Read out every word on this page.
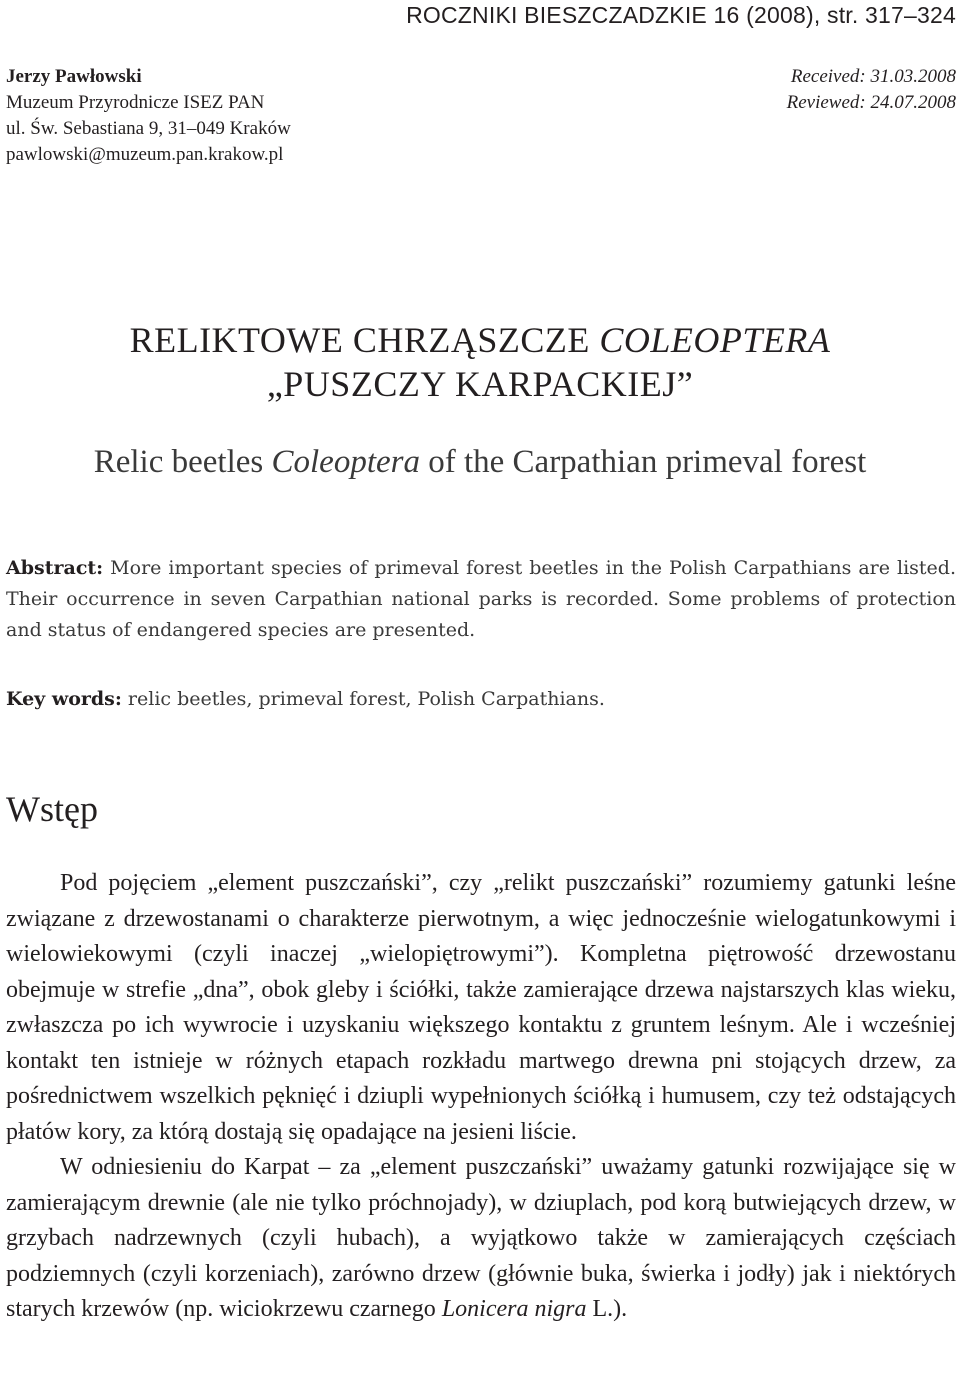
ROCZNIKI BIESZCZADZKIE 16 (2008), str. 317–324
Jerzy Pawłowski
Muzeum Przyrodnicze ISEZ PAN
ul. Św. Sebastiana 9, 31–049 Kraków
pawlowski@muzeum.pan.krakow.pl
Received: 31.03.2008
Reviewed: 24.07.2008
RELIKTOWE CHRZĄSZCZE COLEOPTERA
„PUSZCZY KARPACKIEJ”
Relic beetles Coleoptera of the Carpathian primeval forest
Abstract: More important species of primeval forest beetles in the Polish Carpathians are listed. Their occurrence in seven Carpathian national parks is recorded. Some problems of protection and status of endangered species are presented.
Key words: relic beetles, primeval forest, Polish Carpathians.
Wstęp

Pod pojęciem „element puszczański”, czy „relikt puszczański” rozumiemy gatunki leśne związane z drzewostanami o charakterze pierwotnym, a więc jednocześnie wielogatunkowymi i wielowiekowymi (czyli inaczej „wielopiętrowymi”). Kompletna piętrowość drzewostanu obejmuje w strefie „dna”, obok gleby i ściółki, także zamierające drzewa najstarszych klas wieku, zwłaszcza po ich wywrocie i uzyskaniu większego kontaktu z gruntem leśnym. Ale i wcześniej kontakt ten istnieje w różnych etapach rozkładu martwego drewna pni stojących drzew, za pośrednictwem wszelkich pęknięć i dziupli wypełnionych ściółką i humusem, czy też odstających płatów kory, za którą dostają się opadające na jesieni liście.

W odniesieniu do Karpat – za „element puszczański” uważamy gatunki rozwijające się w zamierającym drewnie (ale nie tylko próchnojady), w dziuplach, pod korą butwiejących drzew, w grzybach nadrzewnych (czyli hubach), a wyjątkowo także w zamierających częściach podziemnych (czyli korzeniach), zarówno drzew (głównie buka, świerka i jodły) jak i niektórych starych krzewów (np. wiciokrzewu czarnego Lonicera nigra L.).
